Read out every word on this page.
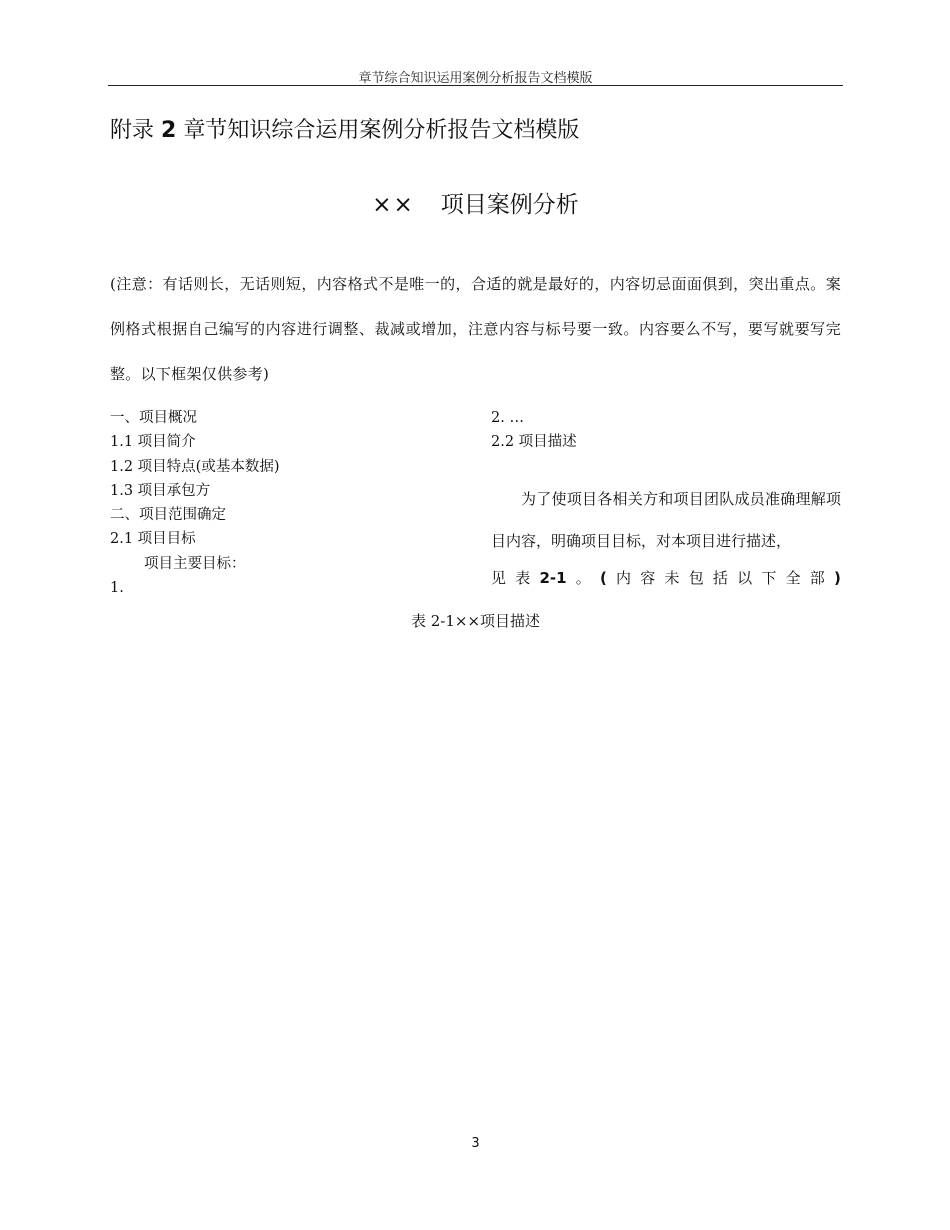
章节综合知识运用案例分析报告文档模版
附录 2 章节知识综合运用案例分析报告文档模版
×× 项目案例分析
(注意：有话则长，无话则短，内容格式不是唯一的，合适的就是最好的，内容切忌面面俱到，突出重点。案例格式根据自己编写的内容进行调整、裁减或增加，注意内容与标号要一致。内容要么不写，要写就要写完整。以下框架仅供参考)
一、项目概况
1.1 项目简介
1.2 项目特点(或基本数据)
1.3 项目承包方
二、项目范围确定
2.1 项目目标
项目主要目标：
1.
2. …
2.2 项目描述
为了使项目各相关方和项目团队成员准确理解项目内容，明确项目目标，对本项目进行描述，
见 表 2-1 。 ( 内 容 未 包 括 以 下 全 部 )
表 2-1××项目描述
3
